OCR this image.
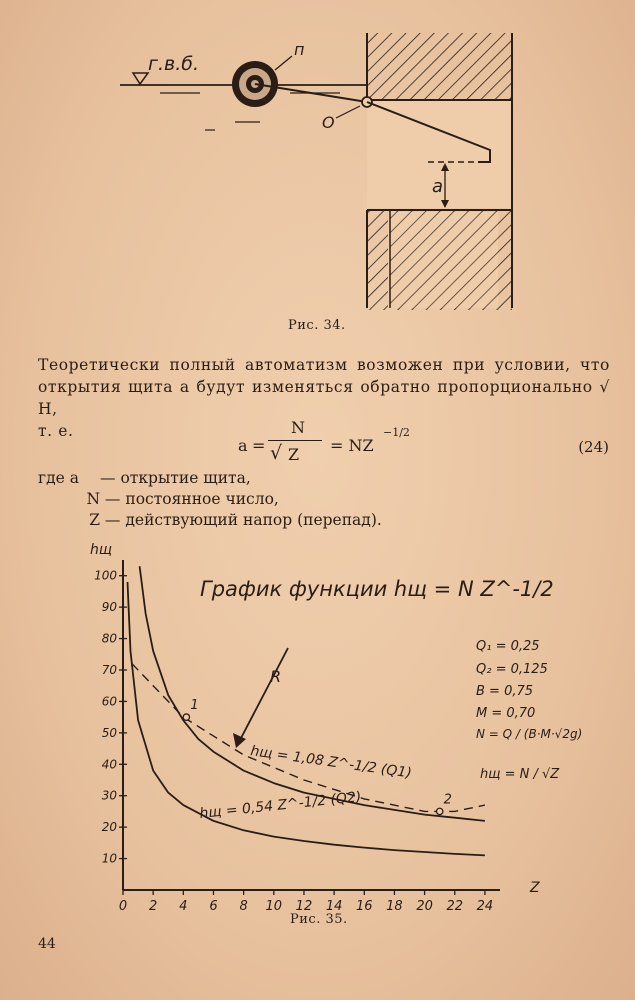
г.в.б.
п
О
а
Рис. 34.
Теоретически полный автоматизм возможен при условии, что
открытия щита a будут изменяться обратно пропорционально √ H,
т. е.
a =
N
√ Z = NZ
−1/2
(24)
где a — открытие щита,
N — постоянное число,
Z — действующий напор (перепад).
0 2 4 6 8 10 12 14 16 18 20 22 24
10
20
30
40
50
60
70
80
90
100
1
2
График функции hщ = N Z^-1/2
hщ
Z
Q₁ = 0,25
Q₂ = 0,125
B = 0,75
M = 0,70
N = Q / (B·M·√2g)
hщ = N / √Z
R
hщ = 1,08 Z^-1/2 (Q1)
hщ = 0,54 Z^-1/2 (Q2)
Рис. 35.
44
